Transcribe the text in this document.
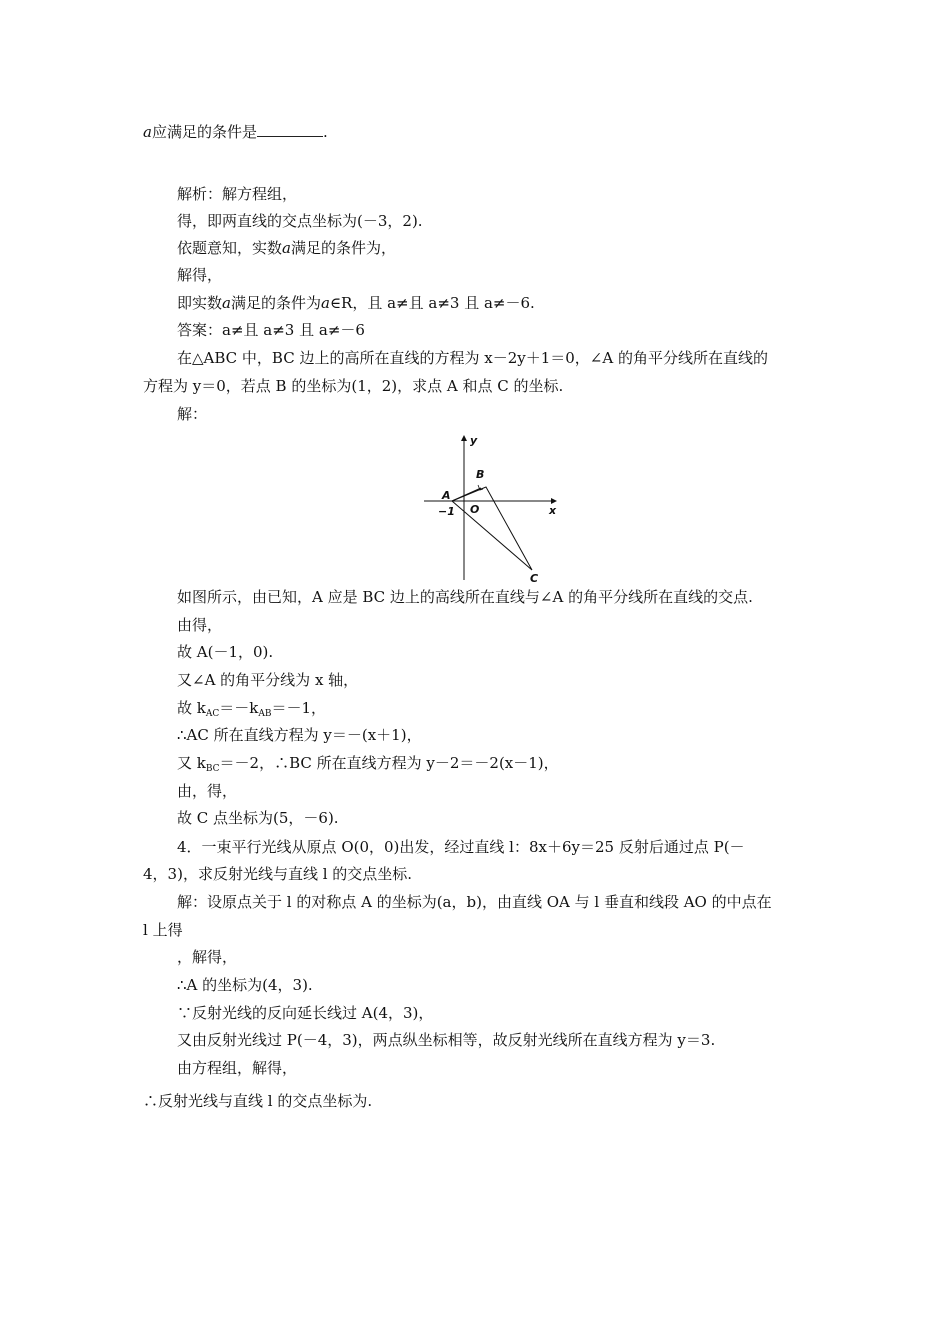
a应满足的条件是	.
解析：解方程组，
得，即两直线的交点坐标为(－3，2).
依题意知，实数a满足的条件为，
解得，
即实数a满足的条件为a∈R，且 a≠且 a≠3 且 a≠－6.
答案：a≠且 a≠3 且 a≠－6
在△ABC 中，BC 边上的高所在直线的方程为 x－2y＋1＝0，∠A 的角平分线所在直线的
方程为 y＝0，若点 B 的坐标为(1，2)，求点 A 和点 C 的坐标.
解：
y
x
A
B
C
O
−1
如图所示，由已知，A 应是 BC 边上的高线所在直线与∠A 的角平分线所在直线的交点.
由得，
故 A(－1，0).
又∠A 的角平分线为 x 轴，
故 $k_{AC}=-k_{AB}=-1$，
∴AC 所在直线方程为 y＝－(x＋1)，
又 $k_{BC}=-2$，∴BC 所在直线方程为 y－2＝－2(x－1)，
由，得，
故 C 点坐标为(5，－6).
4．一束平行光线从原点 O(0，0)出发，经过直线 l：8x＋6y＝25 反射后通过点 P(－
4，3)，求反射光线与直线 l 的交点坐标.
解：设原点关于 l 的对称点 A 的坐标为(a，b)，由直线 OA 与 l 垂直和线段 AO 的中点在
l 上得
，解得，
∴A 的坐标为(4，3).
∵反射光线的反向延长线过 A(4，3)，
又由反射光线过 P(－4，3)，两点纵坐标相等，故反射光线所在直线方程为 y＝3.
由方程组，解得，
∴反射光线与直线 l 的交点坐标为.
